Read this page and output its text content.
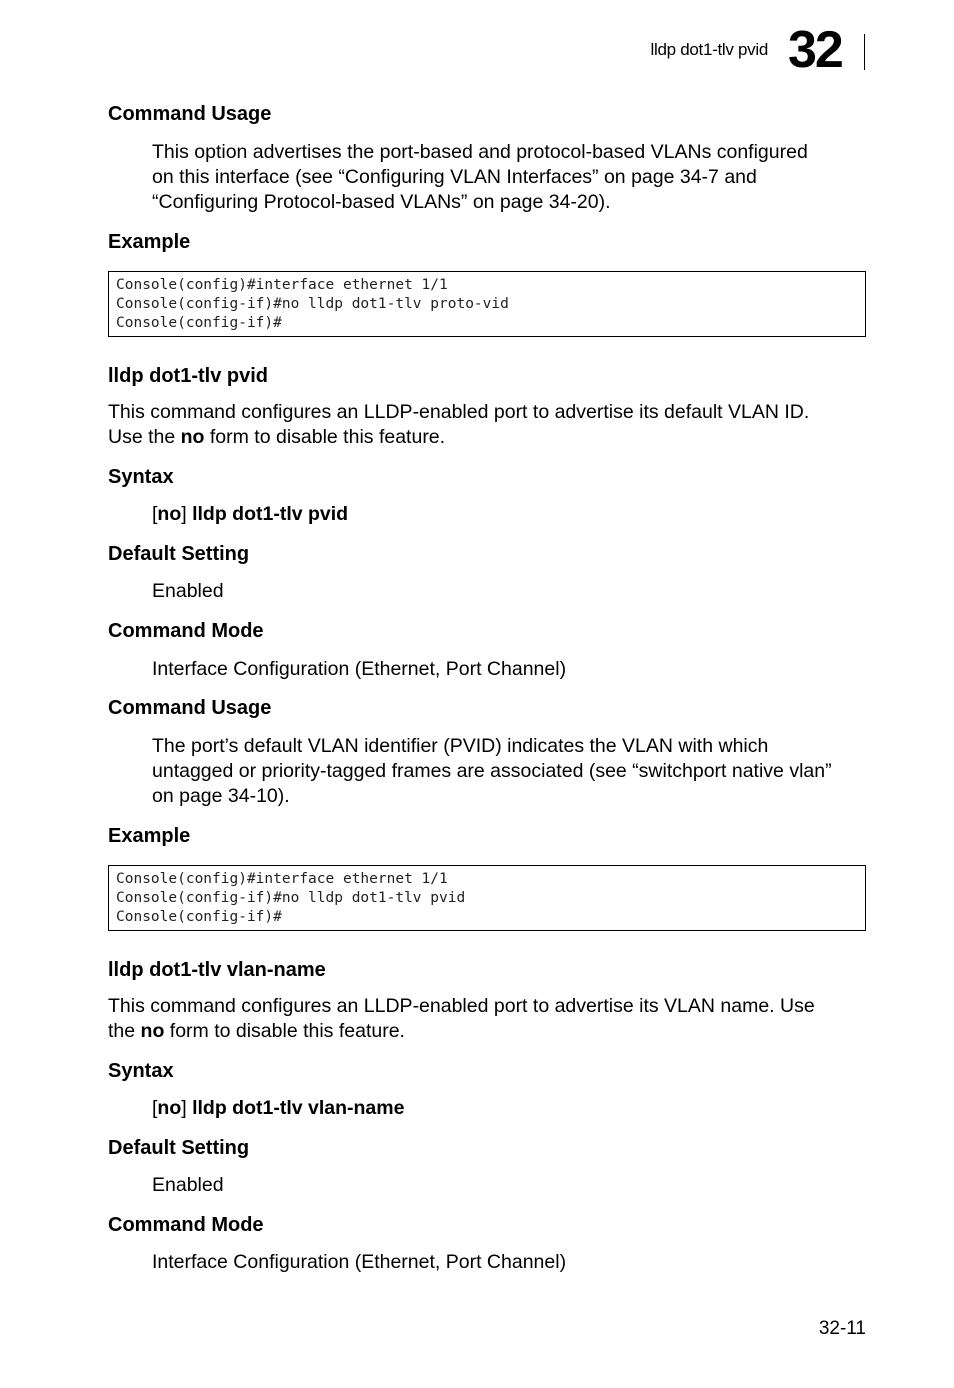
lldp dot1-tlv pvid 32
Command Usage
This option advertises the port-based and protocol-based VLANs configured
on this interface (see “Configuring VLAN Interfaces” on page 34-7 and
“Configuring Protocol-based VLANs” on page 34-20).
Example
Console(config)#interface ethernet 1/1
Console(config-if)#no lldp dot1-tlv proto-vid
Console(config-if)#
lldp dot1-tlv pvid
This command configures an LLDP-enabled port to advertise its default VLAN ID.
Use the no form to disable this feature.
Syntax
[no] lldp dot1-tlv pvid
Default Setting
Enabled
Command Mode
Interface Configuration (Ethernet, Port Channel)
Command Usage
The port’s default VLAN identifier (PVID) indicates the VLAN with which
untagged or priority-tagged frames are associated (see “switchport native vlan”
on page 34-10).
Example
Console(config)#interface ethernet 1/1
Console(config-if)#no lldp dot1-tlv pvid
Console(config-if)#
lldp dot1-tlv vlan-name
This command configures an LLDP-enabled port to advertise its VLAN name. Use
the no form to disable this feature.
Syntax
[no] lldp dot1-tlv vlan-name
Default Setting
Enabled
Command Mode
Interface Configuration (Ethernet, Port Channel)
32-11
